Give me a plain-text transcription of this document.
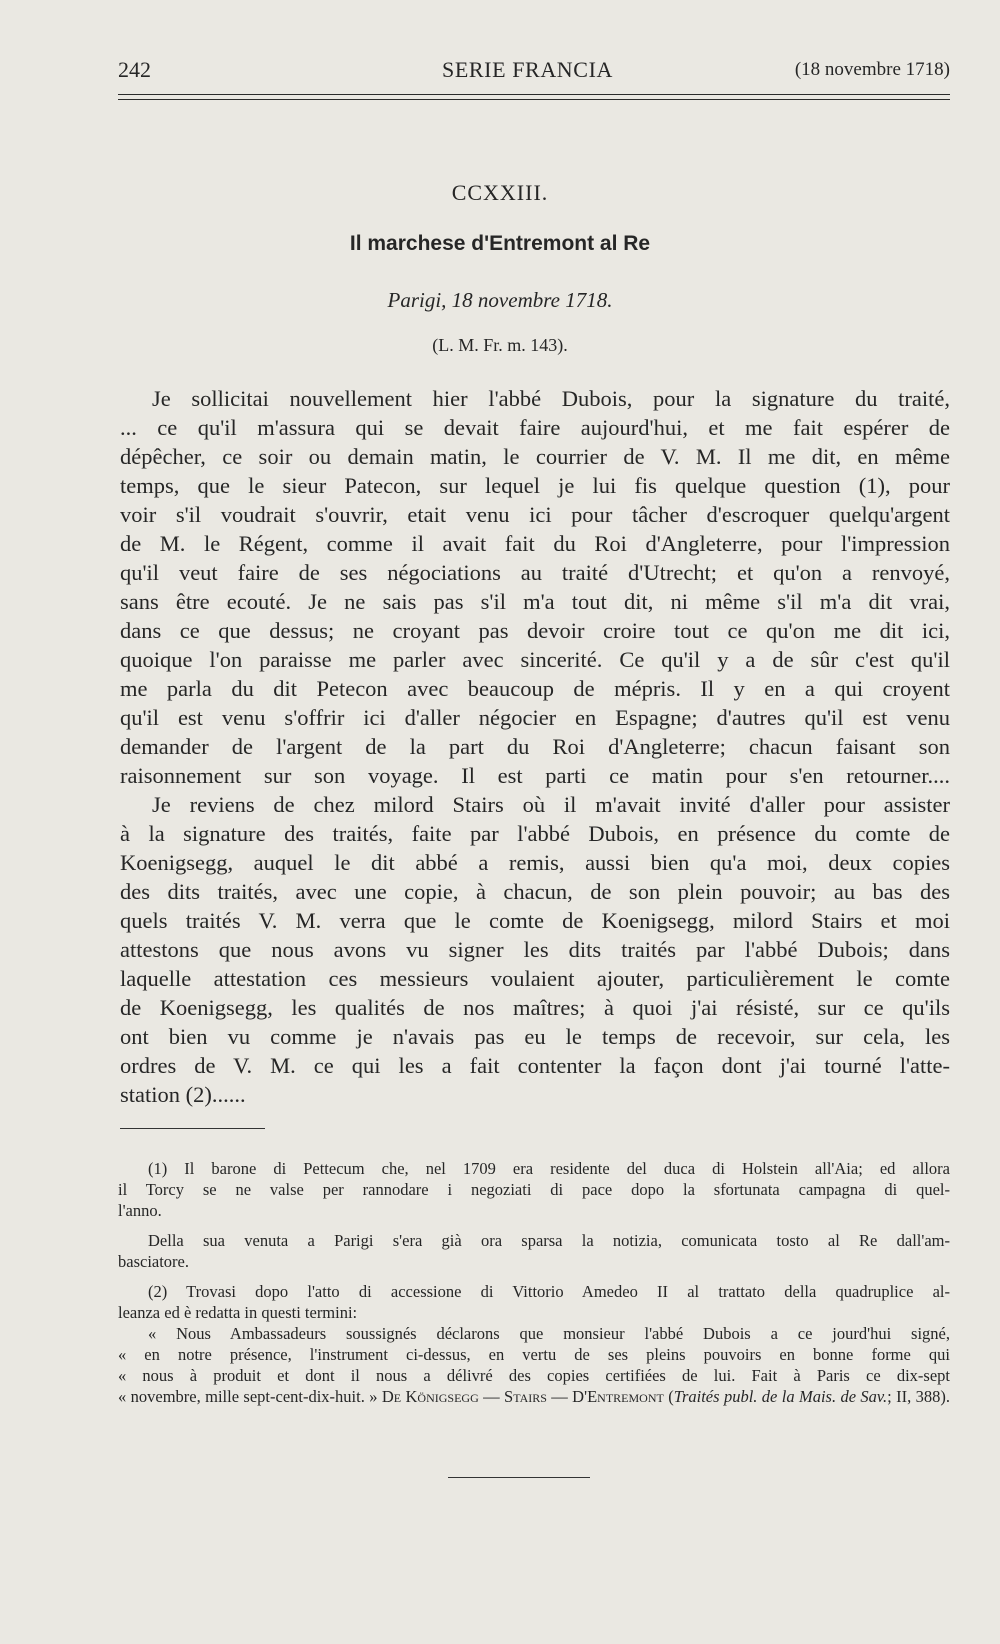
242	SERIE FRANCIA	(18 novembre 1718)
CCXXIII.
Il marchese d'Entremont al Re
Parigi, 18 novembre 1718.
(L. M. Fr. m. 143).
Je sollicitai nouvellement hier l'abbé Dubois, pour la signature du traité,
... ce qu'il m'assura qui se devait faire aujourd'hui, et me fait espérer de
dépêcher, ce soir ou demain matin, le courrier de V. M. Il me dit, en même
temps, que le sieur Patecon, sur lequel je lui fis quelque question (1), pour
voir s'il voudrait s'ouvrir, etait venu ici pour tâcher d'escroquer quelqu'argent
de M. le Régent, comme il avait fait du Roi d'Angleterre, pour l'impression
qu'il veut faire de ses négociations au traité d'Utrecht; et qu'on a renvoyé,
sans être ecouté. Je ne sais pas s'il m'a tout dit, ni même s'il m'a dit vrai,
dans ce que dessus; ne croyant pas devoir croire tout ce qu'on me dit ici,
quoique l'on paraisse me parler avec sincerité. Ce qu'il y a de sûr c'est qu'il
me parla du dit Petecon avec beaucoup de mépris. Il y en a qui croyent
qu'il est venu s'offrir ici d'aller négocier en Espagne; d'autres qu'il est venu
demander de l'argent de la part du Roi d'Angleterre; chacun faisant son
raisonnement sur son voyage. Il est parti ce matin pour s'en retourner....
Je reviens de chez milord Stairs où il m'avait invité d'aller pour assister
à la signature des traités, faite par l'abbé Dubois, en présence du comte de
Koenigsegg, auquel le dit abbé a remis, aussi bien qu'a moi, deux copies
des dits traités, avec une copie, à chacun, de son plein pouvoir; au bas des
quels traités V. M. verra que le comte de Koenigsegg, milord Stairs et moi
attestons que nous avons vu signer les dits traités par l'abbé Dubois; dans
laquelle attestation ces messieurs voulaient ajouter, particulièrement le comte
de Koenigsegg, les qualités de nos maîtres; à quoi j'ai résisté, sur ce qu'ils
ont bien vu comme je n'avais pas eu le temps de recevoir, sur cela, les
ordres de V. M. ce qui les a fait contenter la façon dont j'ai tourné l'atte-
station (2)......
(1) Il barone di Pettecum che, nel 1709 era residente del duca di Holstein all'Aia; ed allora
il Torcy se ne valse per rannodare i negoziati di pace dopo la sfortunata campagna di quel-
l'anno.
Della sua venuta a Parigi s'era già ora sparsa la notizia, comunicata tosto al Re dall'am-
basciatore.
(2) Trovasi dopo l'atto di accessione di Vittorio Amedeo II al trattato della quadruplice al-
leanza ed è redatta in questi termini:
« Nous Ambassadeurs soussignés déclarons que monsieur l'abbé Dubois a ce jourd'hui signé,
« en notre présence, l'instrument ci-dessus, en vertu de ses pleins pouvoirs en bonne forme qui
« nous à produit et dont il nous a délivré des copies certifiées de lui. Fait à Paris ce dix-sept
« novembre, mille sept-cent-dix-huit. » De Königsegg — Stairs — D'Entremont (Traités publ. de la Mais. de Sav.; II, 388).
